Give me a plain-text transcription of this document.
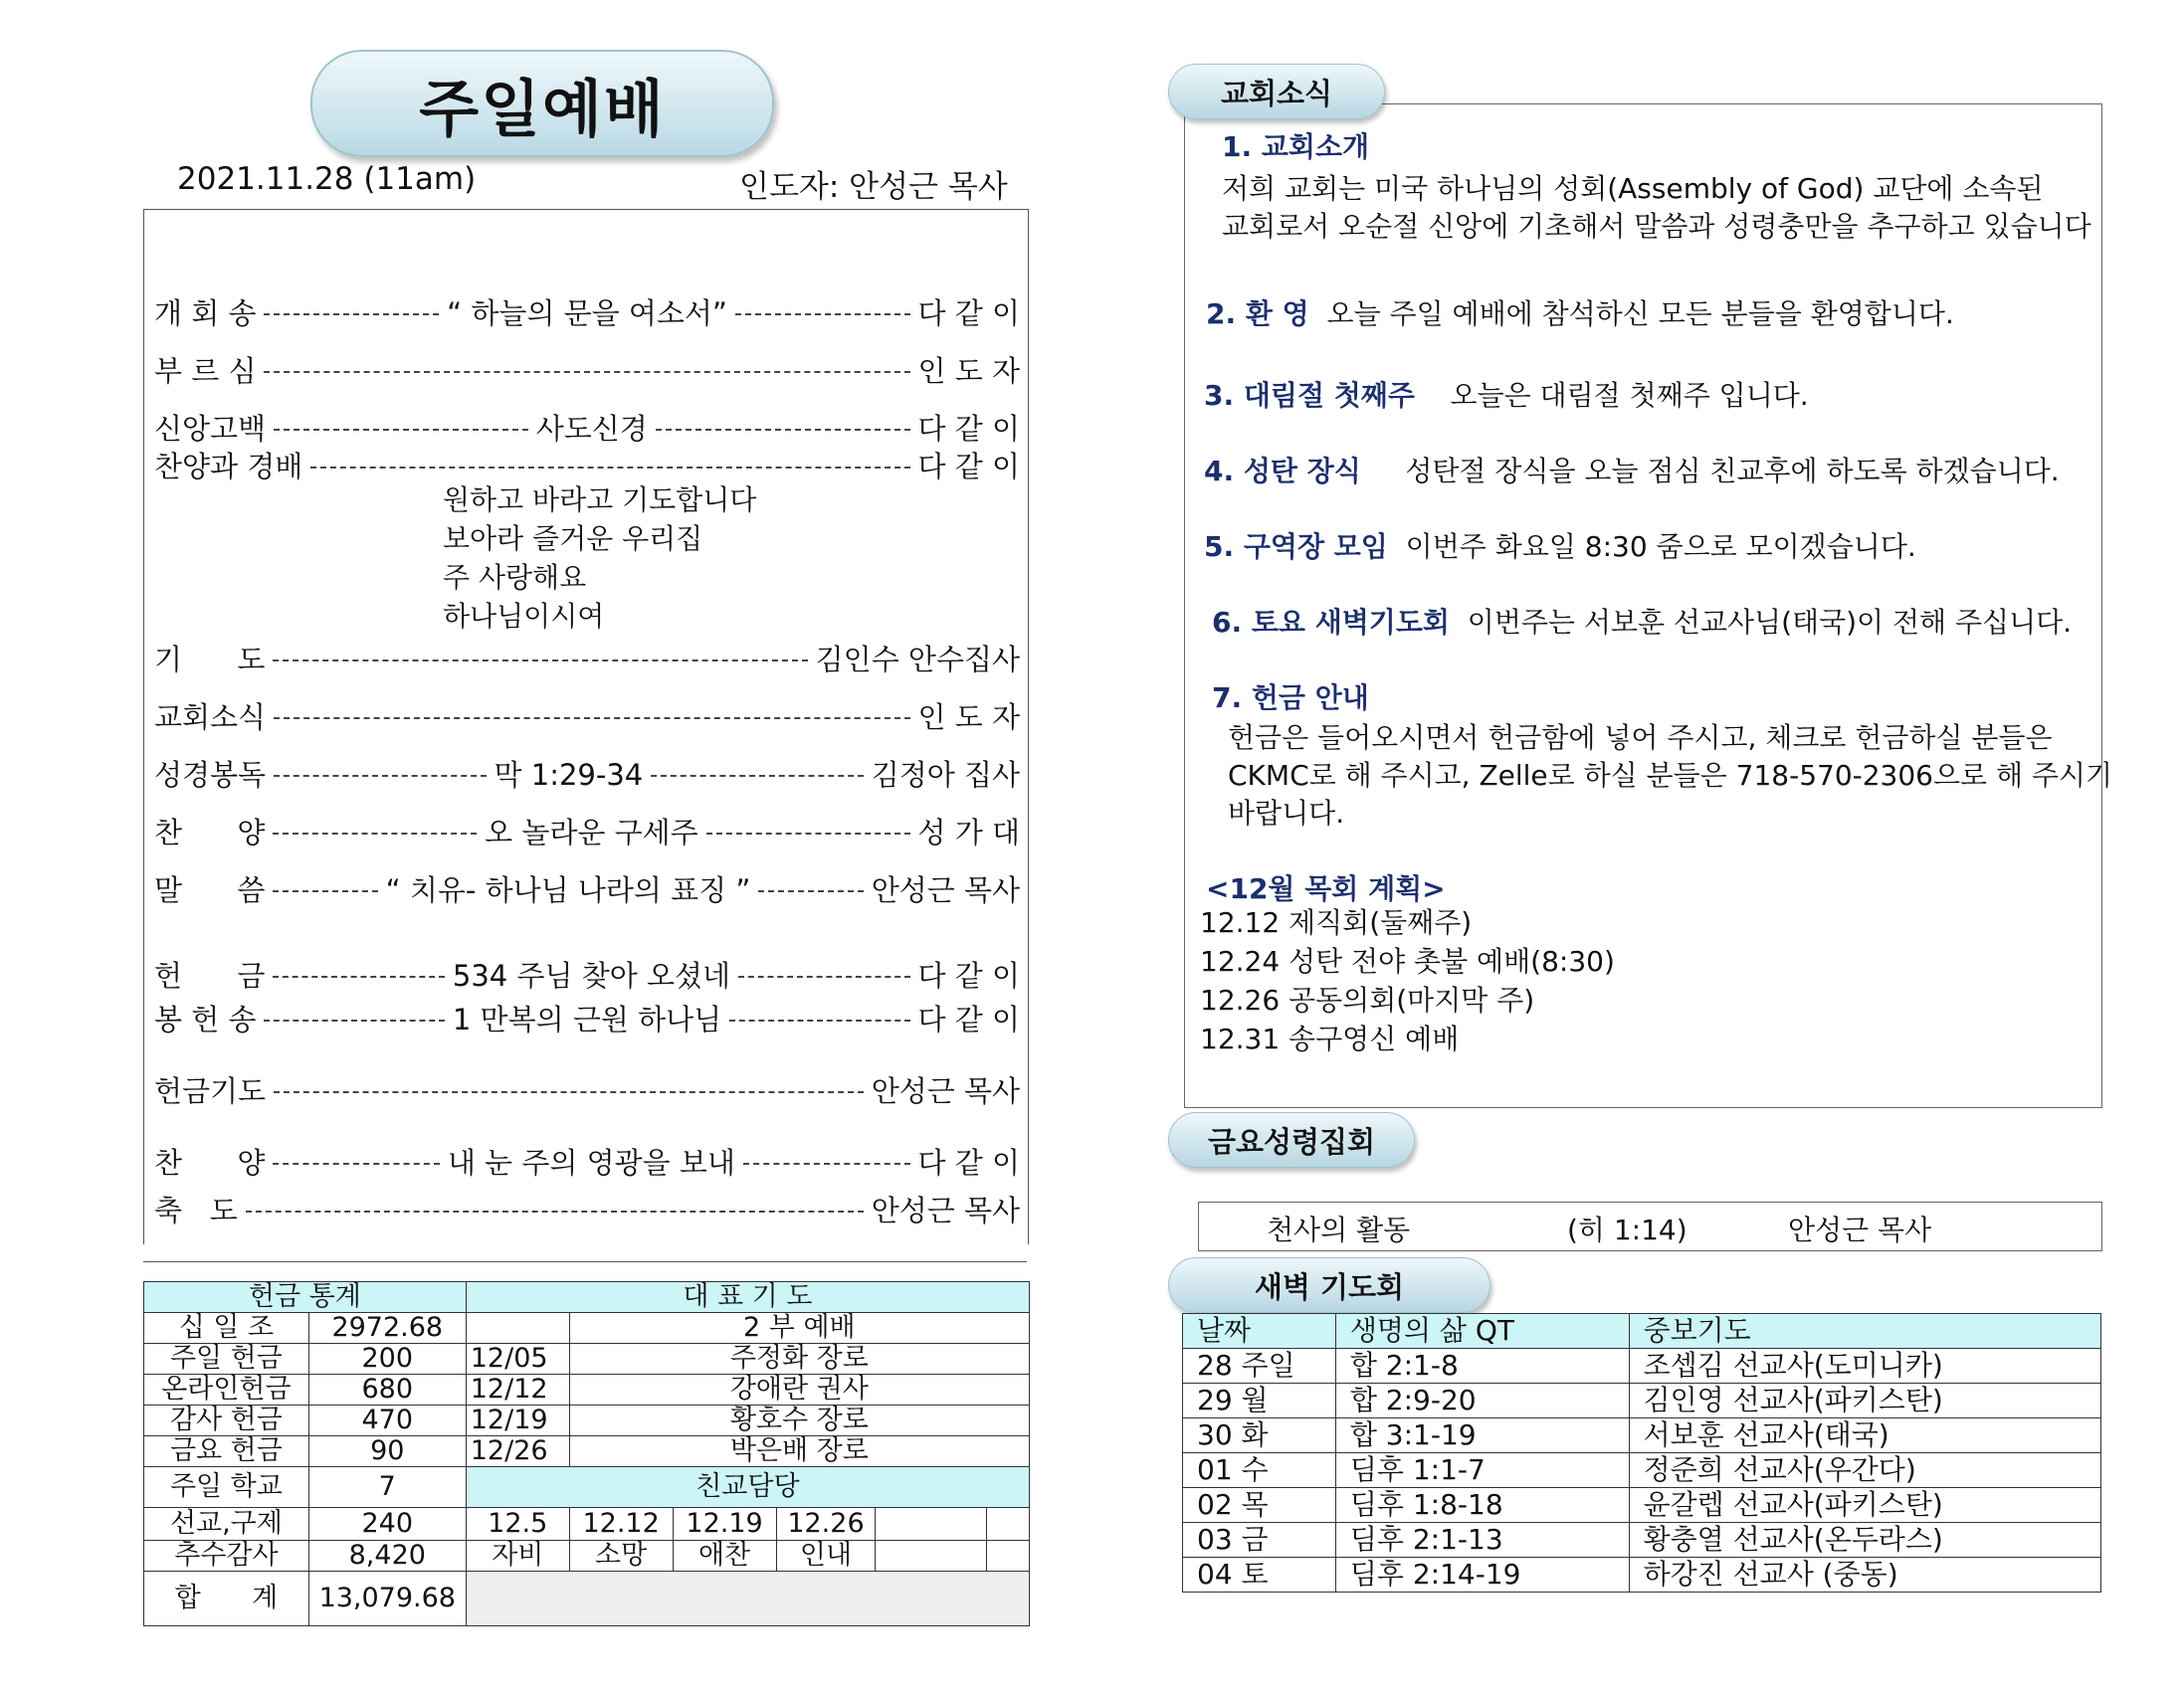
주일예배
2021.11.28 (11am)	인도자: 안성근 목사
개 회 송	“ 하늘의 문을 여소서”	다 같 이
부 르 심	인 도 자
신앙고백	사도신경	다 같 이
찬양과 경배	다 같 이
원하고 바라고 기도합니다
보아라 즐거운 우리집
주 사랑해요
하나님이시여
기      도	김인수 안수집사
교회소식	인 도 자
성경봉독	막 1:29-34	김정아 집사
찬      양	오 놀라운 구세주	성 가 대
말      씀	“ 치유- 하나님 나라의 표징 ”	안성근 목사
헌      금	534 주님 찾아 오셨네	다 같 이
봉 헌 송	1 만복의 근원 하나님	다 같 이
헌금기도	안성근 목사
찬      양	내 눈 주의 영광을 보내	다 같 이
축   도	안성근 목사
헌금 통계		대 표 기 도					
십 일 조	2972.68		2 부 예배				
주일 헌금	200	12/05	주정화 장로				
온라인헌금	680	12/12	강애란 권사				
감사 헌금	470	12/19	황호수 장로				
금요 헌금	90	12/26	박은배 장로				
주일 학교	7	친교담당					
선교,구제	240	12.5	12.12	12.19	12.26		
추수감사	8,420	자비	소망	애찬	인내		
합      계	13,079.68						
교회소식
1. 교회소개
저희 교회는 미국 하나님의 성회(Assembly of God) 교단에 소속된
교회로서 오순절 신앙에 기초해서 말씀과 성령충만을 추구하고 있습니다
2. 환 영 오늘 주일 예배에 참석하신 모든 분들을 환영합니다.
3. 대림절 첫째주 오늘은 대림절 첫째주 입니다.
4. 성탄 장식 성탄절 장식을 오늘 점심 친교후에 하도록 하겠습니다.
5. 구역장 모임 이번주 화요일 8:30 줌으로 모이겠습니다.
6. 토요 새벽기도회 이번주는 서보훈 선교사님(태국)이 전해 주십니다.
7. 헌금 안내
헌금은 들어오시면서 헌금함에 넣어 주시고, 체크로 헌금하실 분들은
CKMC로 해 주시고, Zelle로 하실 분들은 718-570-2306으로 해 주시기
바랍니다.
<12월 목회 계획>
12.12 제직회(둘째주)
12.24 성탄 전야 촛불 예배(8:30)
12.26 공동의회(마지막 주)
12.31 송구영신 예배
금요성령집회
천사의 활동	(히 1:14)	안성근 목사
새벽 기도회
날짜	생명의 삶 QT	중보기도
28 주일	합 2:1-8	조셉김 선교사(도미니카)
29 월	합 2:9-20	김인영 선교사(파키스탄)
30 화	합 3:1-19	서보훈 선교사(태국)
01 수	딤후 1:1-7	정준희 선교사(우간다)
02 목	딤후 1:8-18	윤갈렙 선교사(파키스탄)
03 금	딤후 2:1-13	황충열 선교사(온두라스)
04 토	딤후 2:14-19	하강진 선교사 (중동)
